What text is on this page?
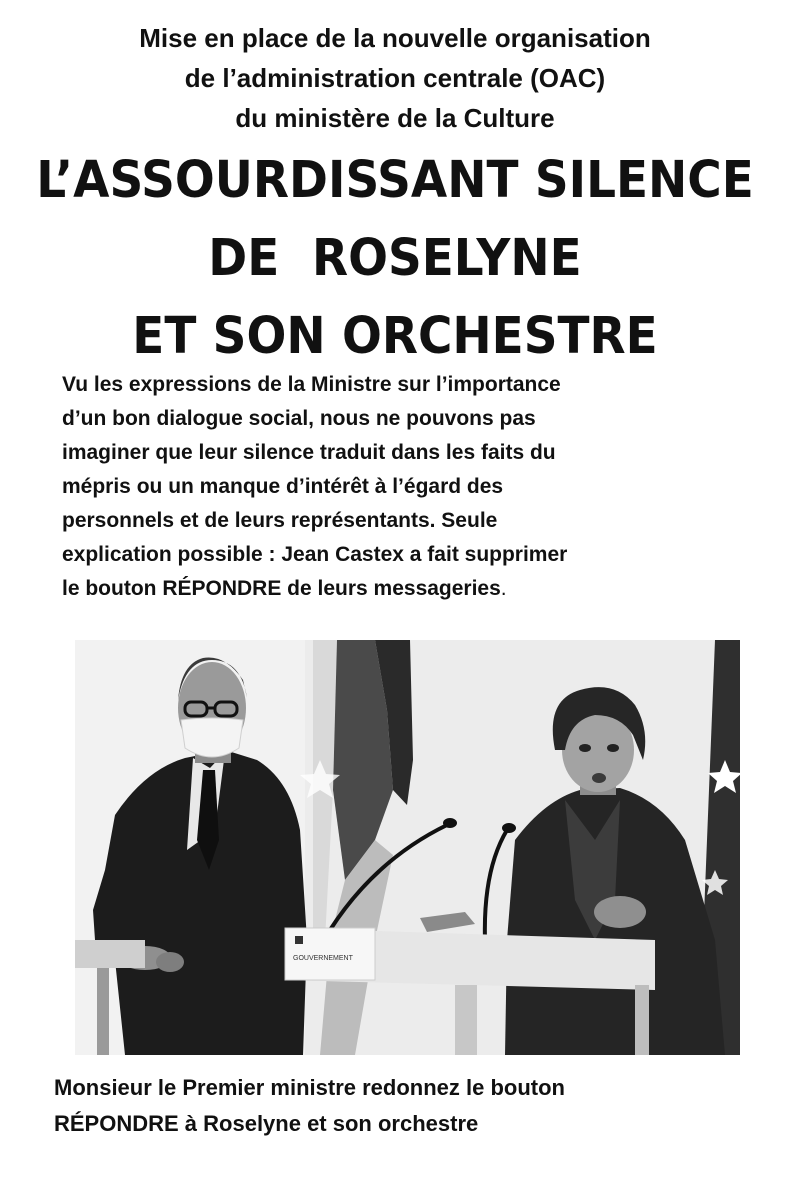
Mise en place de la nouvelle organisation
de l’administration centrale (OAC)
du ministère de la Culture
L’ASSOURDISSANT SILENCE
DE  ROSELYNE
ET SON ORCHESTRE

Vu les expressions de la Ministre sur l’importance
d’un bon dialogue social, nous ne pouvons pas
imaginer que leur silence traduit dans les faits du
mépris ou un manque d’intérêt à l’égard des
personnels et de leurs représentants. Seule
explication possible : Jean Castex a fait supprimer
le bouton RÉPONDRE de leurs messageries.

GOUVERNEMENT

Monsieur le Premier ministre redonnez le bouton
RÉPONDRE à Roselyne et son orchestre
